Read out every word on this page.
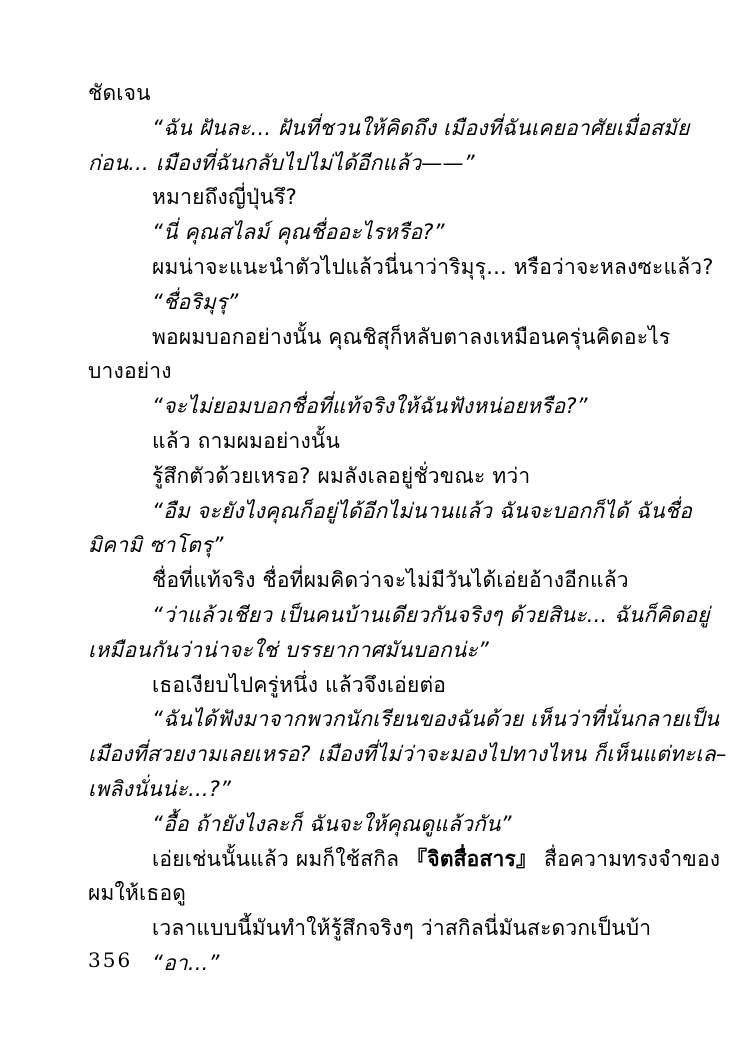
ชัดเจน
“ฉัน ฝันละ... ฝันที่ชวนให้คิดถึง เมืองที่ฉันเคยอาศัยเมื่อสมัย
ก่อน... เมืองที่ฉันกลับไปไม่ได้อีกแล้ว——”
หมายถึงญี่ปุ่นรึ?
“นี่ คุณสไลม์ คุณชื่ออะไรหรือ?”
ผมน่าจะแนะนำตัวไปแล้วนี่นาว่าริมุรุ... หรือว่าจะหลงซะแล้ว?
“ชื่อริมุรุ”
พอผมบอกอย่างนั้น คุณชิสุก็หลับตาลงเหมือนครุ่นคิดอะไร
บางอย่าง
“จะไม่ยอมบอกชื่อที่แท้จริงให้ฉันฟังหน่อยหรือ?”
แล้ว ถามผมอย่างนั้น
รู้สึกตัวด้วยเหรอ? ผมลังเลอยู่ชั่วขณะ ทว่า
“อืม จะยังไงคุณก็อยู่ได้อีกไม่นานแล้ว ฉันจะบอกก็ได้ ฉันชื่อ
มิคามิ ซาโตรุ”
ชื่อที่แท้จริง ชื่อที่ผมคิดว่าจะไม่มีวันได้เอ่ยอ้างอีกแล้ว
“ว่าแล้วเชียว เป็นคนบ้านเดียวกันจริงๆ ด้วยสินะ... ฉันก็คิดอยู่
เหมือนกันว่าน่าจะใช่ บรรยากาศมันบอกน่ะ”
เธอเงียบไปครู่หนึ่ง แล้วจึงเอ่ยต่อ
“ฉันได้ฟังมาจากพวกนักเรียนของฉันด้วย เห็นว่าที่นั่นกลายเป็น
เมืองที่สวยงามเลยเหรอ? เมืองที่ไม่ว่าจะมองไปทางไหน ก็เห็นแต่ทะเล–
เพลิงนั่นน่ะ...?”
“อื้อ ถ้ายังไงละก็ ฉันจะให้คุณดูแล้วกัน”
เอ่ยเช่นนั้นแล้ว ผมก็ใช้สกิล 『จิตสื่อสาร』 สื่อความทรงจำของ
ผมให้เธอดู
เวลาแบบนี้มันทำให้รู้สึกจริงๆ ว่าสกิลนี่มันสะดวกเป็นบ้า
“อา...”
356
